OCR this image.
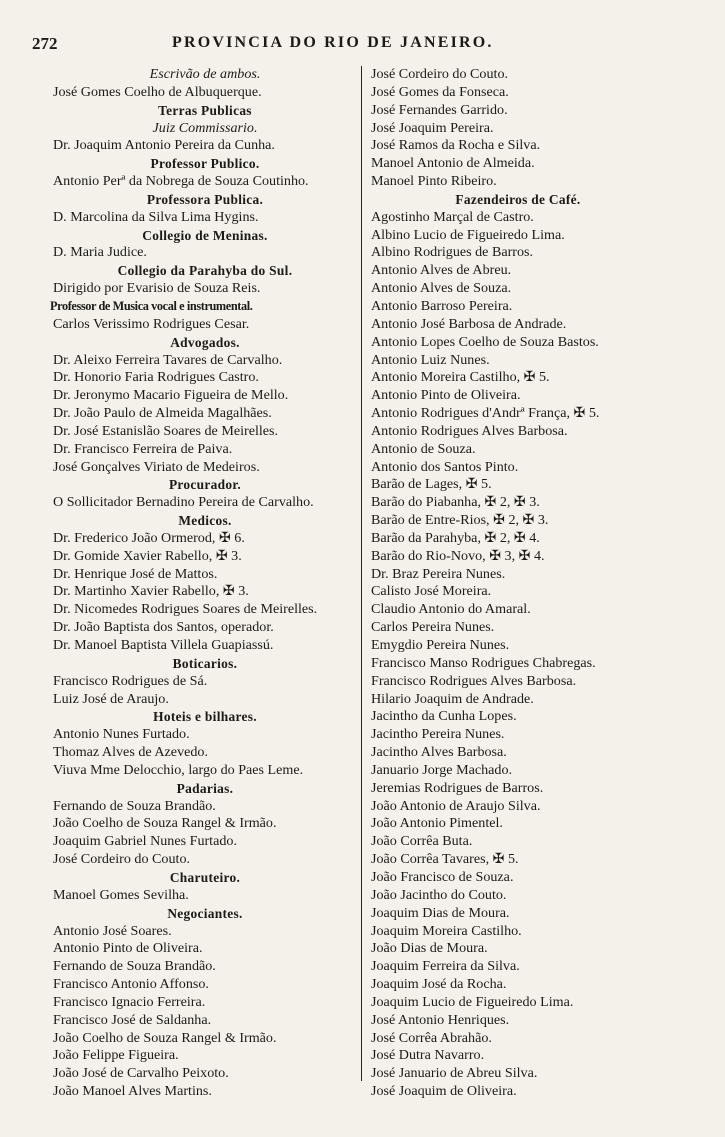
272	PROVINCIA DO RIO DE JANEIRO.
Escrivão de ambos.
José Gomes Coelho de Albuquerque.
Terras Publicas
Juiz Commissario.
Dr. Joaquim Antonio Pereira da Cunha.
Professor Publico.
Antonio Perª da Nobrega de Souza Coutinho.
Professora Publica.
D. Marcolina da Silva Lima Hygins.
Collegio de Meninas.
D. Maria Judice.
Collegio da Parahyba do Sul.
Dirigido por Evarisio de Souza Reis.
Professor de Musica vocal e instrumental.
Carlos Verissimo Rodrigues Cesar.
Advogados.
Dr. Aleixo Ferreira Tavares de Carvalho.
Dr. Honorio Faria Rodrigues Castro.
Dr. Jeronymo Macario Figueira de Mello.
Dr. João Paulo de Almeida Magalhães.
Dr. José Estanislão Soares de Meirelles.
Dr. Francisco Ferreira de Paiva.
José Gonçalves Viriato de Medeiros.
Procurador.
O Sollicitador Bernadino Pereira de Carvalho.
Medicos.
Dr. Frederico João Ormerod, ✠ 6.
Dr. Gomide Xavier Rabello, ✠ 3.
Dr. Henrique José de Mattos.
Dr. Martinho Xavier Rabello, ✠ 3.
Dr. Nicomedes Rodrigues Soares de Meirelles.
Dr. João Baptista dos Santos, operador.
Dr. Manoel Baptista Villela Guapiassú.
Boticarios.
Francisco Rodrigues de Sá.
Luiz José de Araujo.
Hoteis e bilhares.
Antonio Nunes Furtado.
Thomaz Alves de Azevedo.
Viuva Mme Delocchio, largo do Paes Leme.
Padarias.
Fernando de Souza Brandão.
João Coelho de Souza Rangel & Irmão.
Joaquim Gabriel Nunes Furtado.
José Cordeiro do Couto.
Charuteiro.
Manoel Gomes Sevilha.
Negociantes.
Antonio José Soares.
Antonio Pinto de Oliveira.
Fernando de Souza Brandão.
Francisco Antonio Affonso.
Francisco Ignacio Ferreira.
Francisco José de Saldanha.
João Coelho de Souza Rangel & Irmão.
João Felippe Figueira.
João José de Carvalho Peixoto.
João Manoel Alves Martins.
José Cordeiro do Couto.
José Gomes da Fonseca.
José Fernandes Garrido.
José Joaquim Pereira.
José Ramos da Rocha e Silva.
Manoel Antonio de Almeida.
Manoel Pinto Ribeiro.
Fazendeiros de Café.
Agostinho Marçal de Castro.
Albino Lucio de Figueiredo Lima.
Albino Rodrigues de Barros.
Antonio Alves de Abreu.
Antonio Alves de Souza.
Antonio Barroso Pereira.
Antonio José Barbosa de Andrade.
Antonio Lopes Coelho de Souza Bastos.
Antonio Luiz Nunes.
Antonio Moreira Castilho, ✠ 5.
Antonio Pinto de Oliveira.
Antonio Rodrigues d'Andrª França, ✠ 5.
Antonio Rodrigues Alves Barbosa.
Antonio de Souza.
Antonio dos Santos Pinto.
Barão de Lages, ✠ 5.
Barão do Piabanha, ✠ 2, ✠ 3.
Barão de Entre-Rios, ✠ 2, ✠ 3.
Barão da Parahyba, ✠ 2, ✠ 4.
Barão do Rio-Novo, ✠ 3, ✠ 4.
Dr. Braz Pereira Nunes.
Calisto José Moreira.
Claudio Antonio do Amaral.
Carlos Pereira Nunes.
Emygdio Pereira Nunes.
Francisco Manso Rodrigues Chabregas.
Francisco Rodrigues Alves Barbosa.
Hilario Joaquim de Andrade.
Jacintho da Cunha Lopes.
Jacintho Pereira Nunes.
Jacintho Alves Barbosa.
Januario Jorge Machado.
Jeremias Rodrigues de Barros.
João Antonio de Araujo Silva.
João Antonio Pimentel.
João Corrêa Buta.
João Corrêa Tavares, ✠ 5.
João Francisco de Souza.
João Jacintho do Couto.
Joaquim Dias de Moura.
Joaquim Moreira Castilho.
João Dias de Moura.
Joaquim Ferreira da Silva.
Joaquim José da Rocha.
Joaquim Lucio de Figueiredo Lima.
José Antonio Henriques.
José Corrêa Abrahão.
José Dutra Navarro.
José Januario de Abreu Silva.
José Joaquim de Oliveira.
